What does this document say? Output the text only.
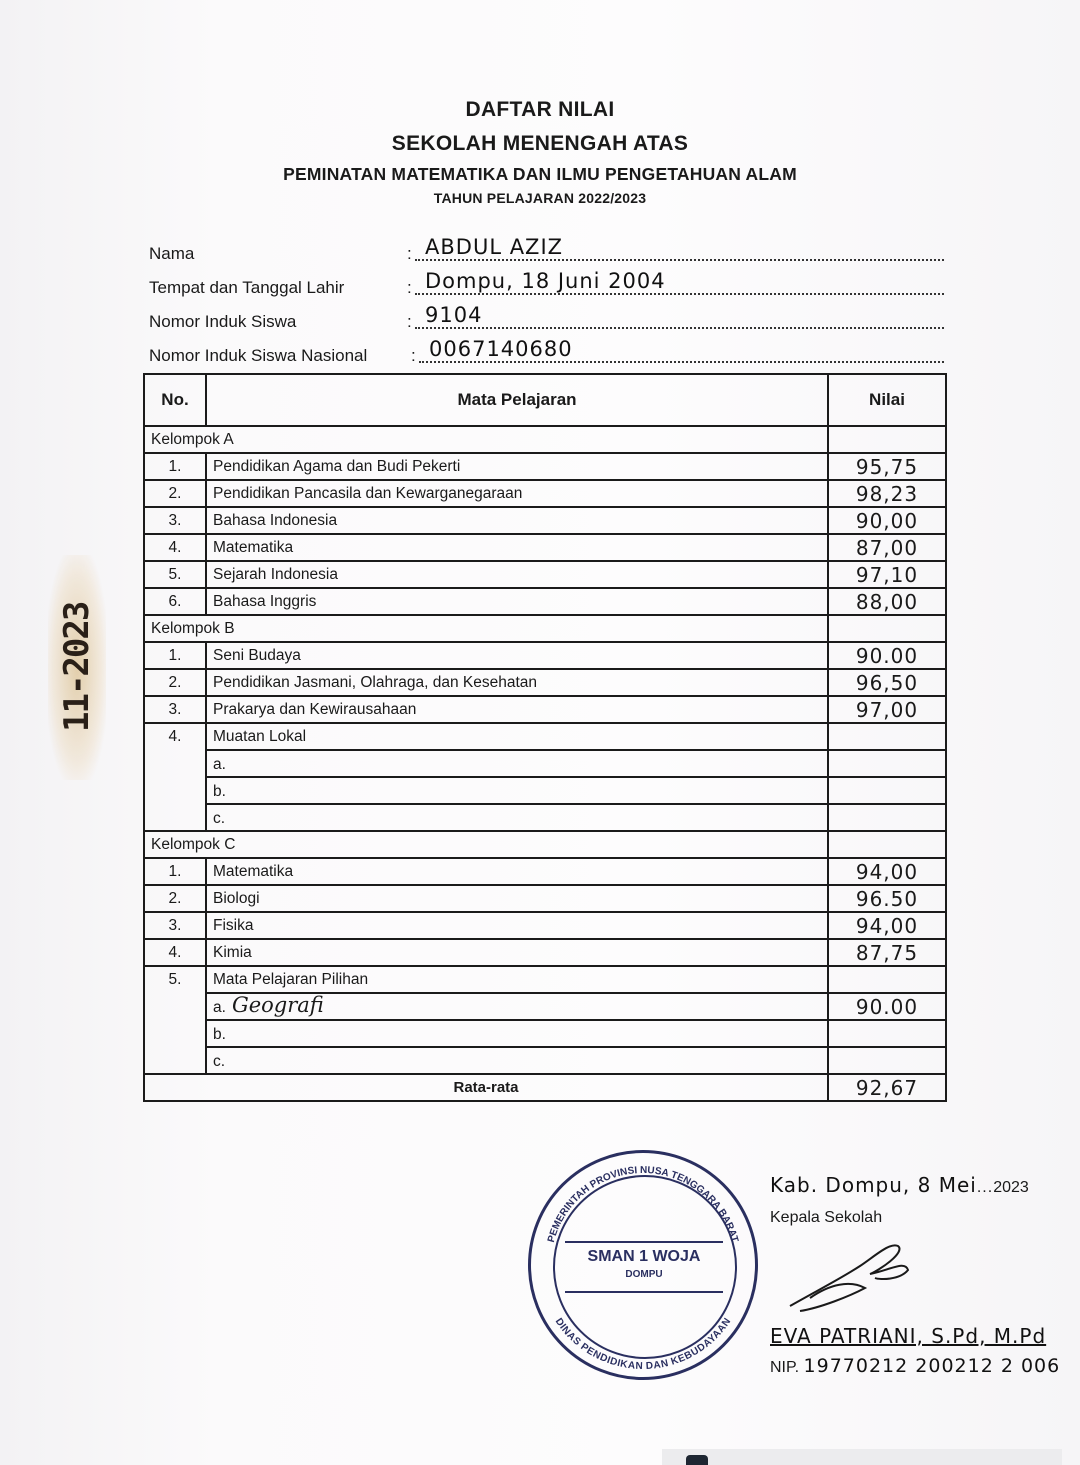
11-2023
DAFTAR NILAI
SEKOLAH MENENGAH ATAS
PEMINATAN MATEMATIKA DAN ILMU PENGETAHUAN ALAM
TAHUN PELAJARAN 2022/2023
Nama	: ABDUL AZIZ
Tempat dan Tanggal Lahir	: Dompu, 18 Juni 2004
Nomor Induk Siswa	: 9104
Nomor Induk Siswa Nasional	: 0067140680
No.	Mata Pelajaran	Nilai
Kelompok A		
1.	Pendidikan Agama dan Budi Pekerti	95,75
2.	Pendidikan Pancasila dan Kewarganegaraan	98,23
3.	Bahasa Indonesia	90,00
4.	Matematika	87,00
5.	Sejarah Indonesia	97,10
6.	Bahasa Inggris	88,00
Kelompok B		
1.	Seni Budaya	90.00
2.	Pendidikan Jasmani, Olahraga, dan Kesehatan	96,50
3.	Prakarya dan Kewirausahaan	97,00
4.	Muatan Lokal	
	a.	
	b.	
	c.	
Kelompok C		
1.	Matematika	94,00
2.	Biologi	96.50
3.	Fisika	94,00
4.	Kimia	87,75
5.	Mata Pelajaran Pilihan	
	a. Geografi	90.00
	b.	
	c.	
Rata-rata		92,67
PEMERINTAH PROVINSI NUSA TENGGARA BARAT
DINAS PENDIDIKAN DAN KEBUDAYAAN
SMAN 1 WOJA
DOMPU
Kab. Dompu, 8 Mei...2023
Kepala Sekolah
EVA PATRIANI, S.Pd, M.Pd
NIP. 19770212 200212 2 006
